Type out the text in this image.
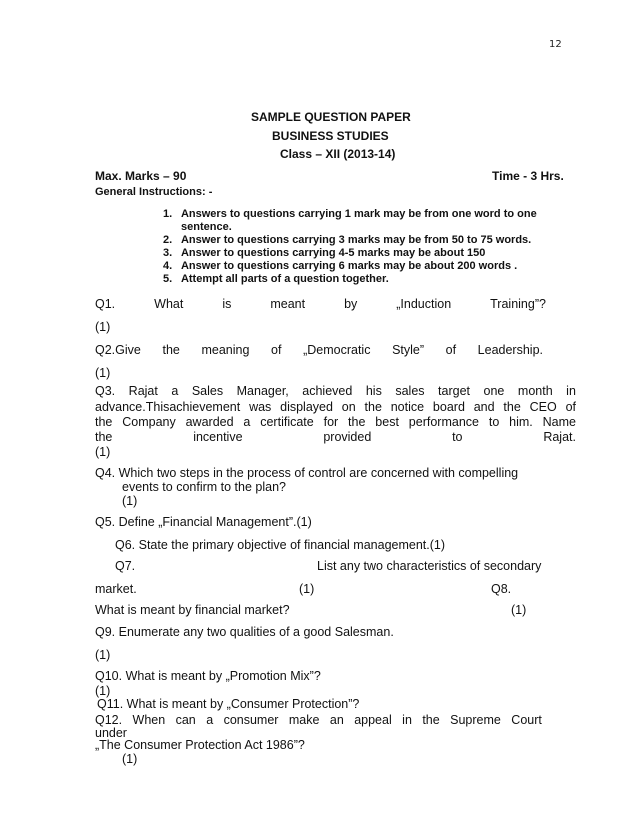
12
SAMPLE QUESTION PAPER
BUSINESS STUDIES
Class – XII (2013-14)
Max. Marks – 90	Time - 3 Hrs.
General Instructions: -
1. Answers to questions carrying 1 mark may be from one word to one
sentence.
2. Answer to questions carrying 3 marks may be from 50 to 75 words.
3. Answer to questions carrying 4-5 marks may be about 150
4. Answer to questions carrying 6 marks may be about 200 words .
5. Attempt all parts of a question together.
Q1.	What	is	meant	by	„Induction	Training”?
(1)
Q2.Give the meaning of „Democratic Style” of Leadership.
(1)
Q3. Rajat a Sales Manager, achieved his sales target one month in
advance.Thisachievement was displayed on the notice board and the CEO of
the Company awarded a certificate for the best performance to him. Name
the	incentive	provided	to	Rajat.
(1)
Q4. Which two steps in the process of control are concerned with compelling
events to confirm to the plan?
(1)
Q5. Define „Financial Management”.(1)
Q6. State the primary objective of financial management.(1)
Q7.	List any two characteristics of secondary
market.	(1)	Q8.
What is meant by financial market?	(1)
Q9. Enumerate any two qualities of a good Salesman.
(1)
Q10. What is meant by „Promotion Mix”?
(1)
Q11. What is meant by „Consumer Protection”?
Q12. When can a consumer make an appeal in the Supreme Court
under
„The Consumer Protection Act 1986”?
(1)
